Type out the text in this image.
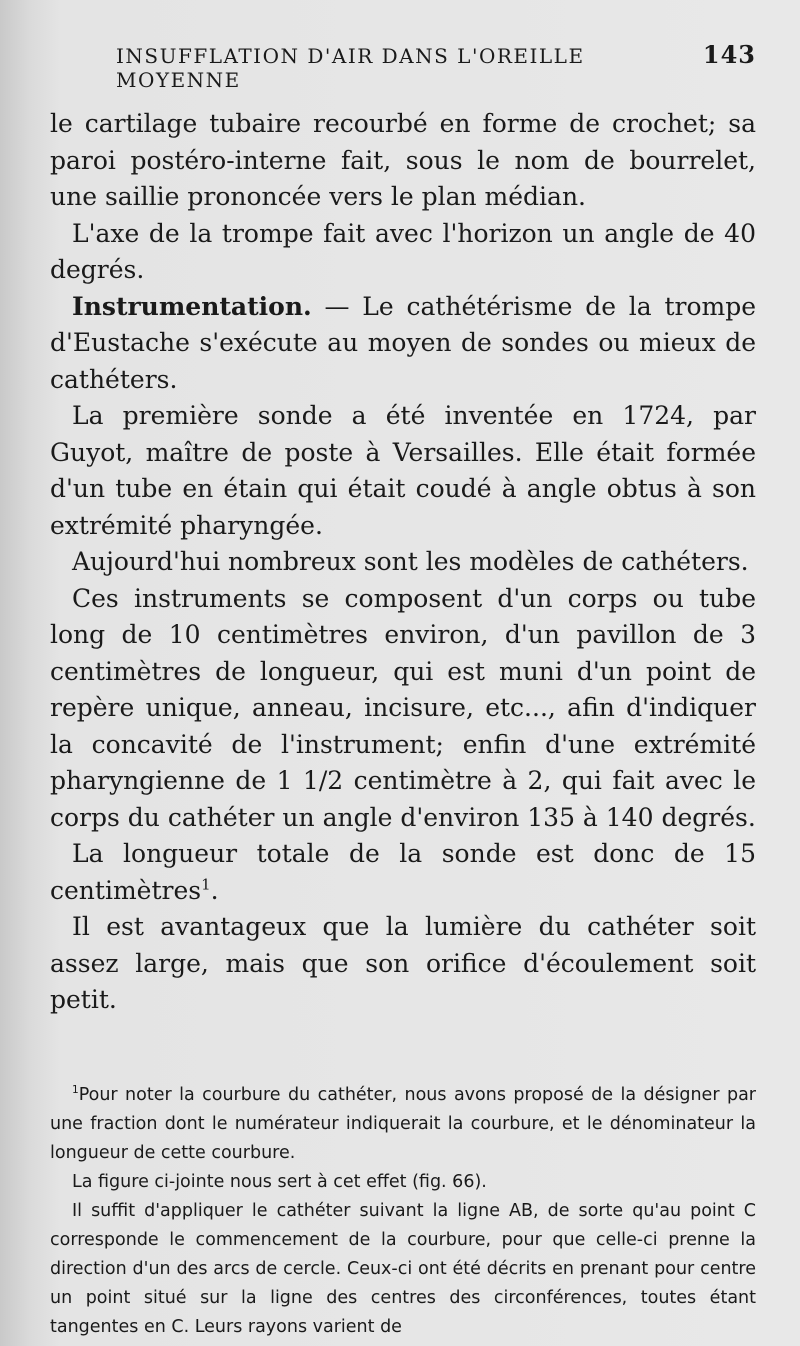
INSUFFLATION D'AIR DANS L'OREILLE MOYENNE
143

le cartilage tubaire recourbé en forme de crochet; sa paroi postéro-interne fait, sous le nom de bourrelet, une saillie prononcée vers le plan médian.

L'axe de la trompe fait avec l'horizon un angle de 40 degrés.

Instrumentation. — Le cathétérisme de la trompe d'Eustache s'exécute au moyen de sondes ou mieux de cathéters.

La première sonde a été inventée en 1724, par Guyot, maître de poste à Versailles. Elle était formée d'un tube en étain qui était coudé à angle obtus à son extrémité pharyngée.

Aujourd'hui nombreux sont les modèles de cathéters.

Ces instruments se composent d'un corps ou tube long de 10 centimètres environ, d'un pavillon de 3 centimètres de longueur, qui est muni d'un point de repère unique, anneau, incisure, etc..., afin d'indiquer la concavité de l'instrument; enfin d'une extrémité pharyngienne de 1 1/2 centimètre à 2, qui fait avec le corps du cathéter un angle d'environ 135 à 140 degrés.

La longueur totale de la sonde est donc de 15 centimètres$^1$.

Il est avantageux que la lumière du cathéter soit assez large, mais que son orifice d'écoulement soit petit.

$^1$Pour noter la courbure du cathéter, nous avons proposé de la désigner par une fraction dont le numérateur indiquerait la courbure, et le dénominateur la longueur de cette courbure.

La figure ci-jointe nous sert à cet effet (fig. 66).

Il suffit d'appliquer le cathéter suivant la ligne AB, de sorte qu'au point C corresponde le commencement de la courbure, pour que celle-ci prenne la direction d'un des arcs de cercle. Ceux-ci ont été décrits en prenant pour centre un point situé sur la ligne des centres des circonférences, toutes étant tangentes en C. Leurs rayons varient de
